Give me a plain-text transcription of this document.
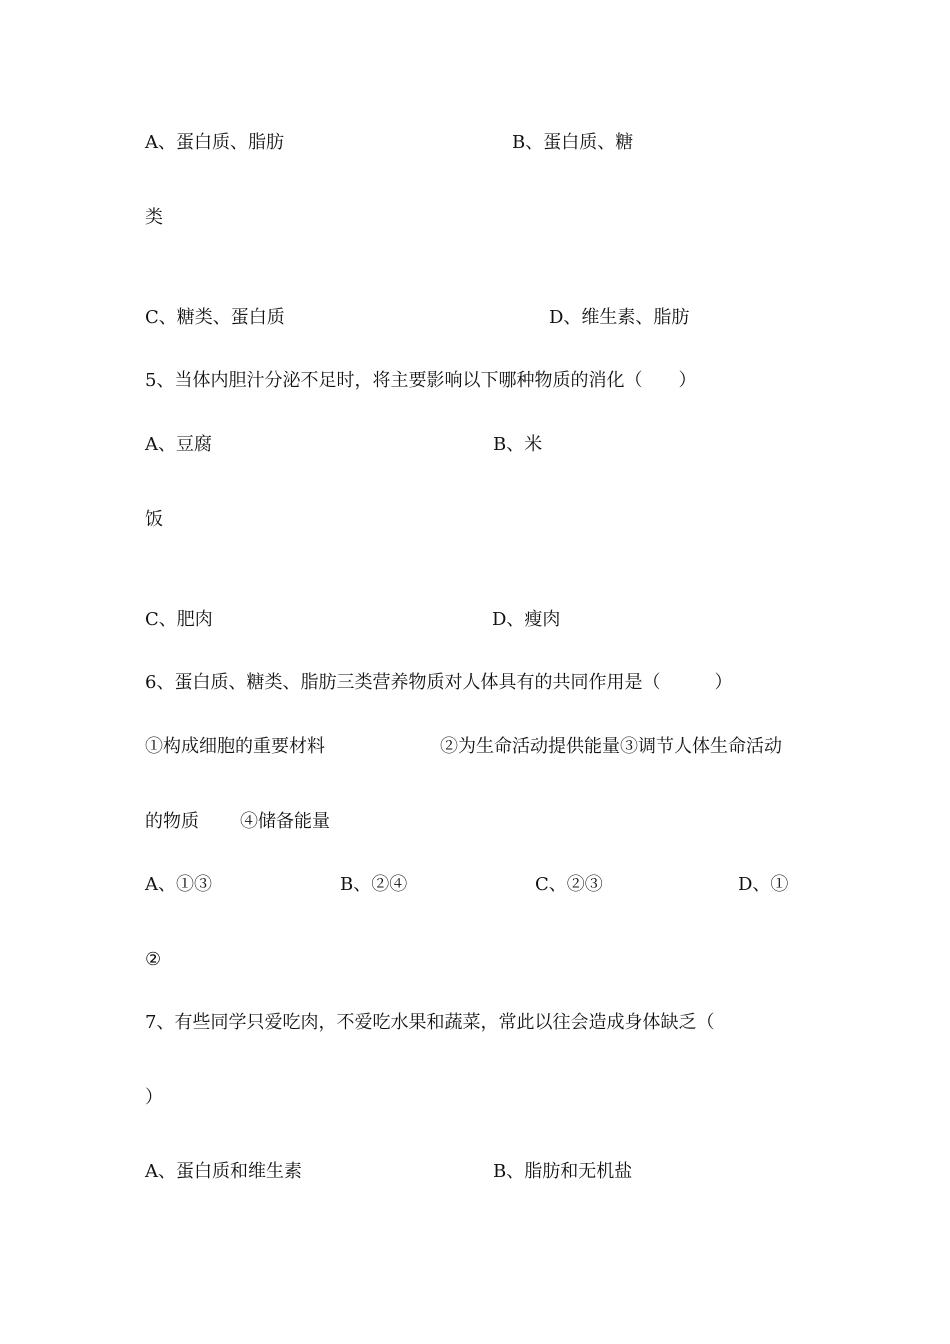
A、蛋白质、脂肪	B、蛋白质、糖
类
C、糖类、蛋白质	D、维生素、脂肪
5、当体内胆汁分泌不足时，将主要影响以下哪种物质的消化（　　）
A、豆腐	B、米
饭
C、肥肉	D、瘦肉
6、蛋白质、糖类、脂肪三类营养物质对人体具有的共同作用是（　　　）
①构成细胞的重要材料	②为生命活动提供能量③调节人体生命活动
的物质 ④储备能量
A、①③	B、②④	C、②③	D、①
②
7、有些同学只爱吃肉，不爱吃水果和蔬菜，常此以往会造成身体缺乏（
）
A、蛋白质和维生素	B、脂肪和无机盐
